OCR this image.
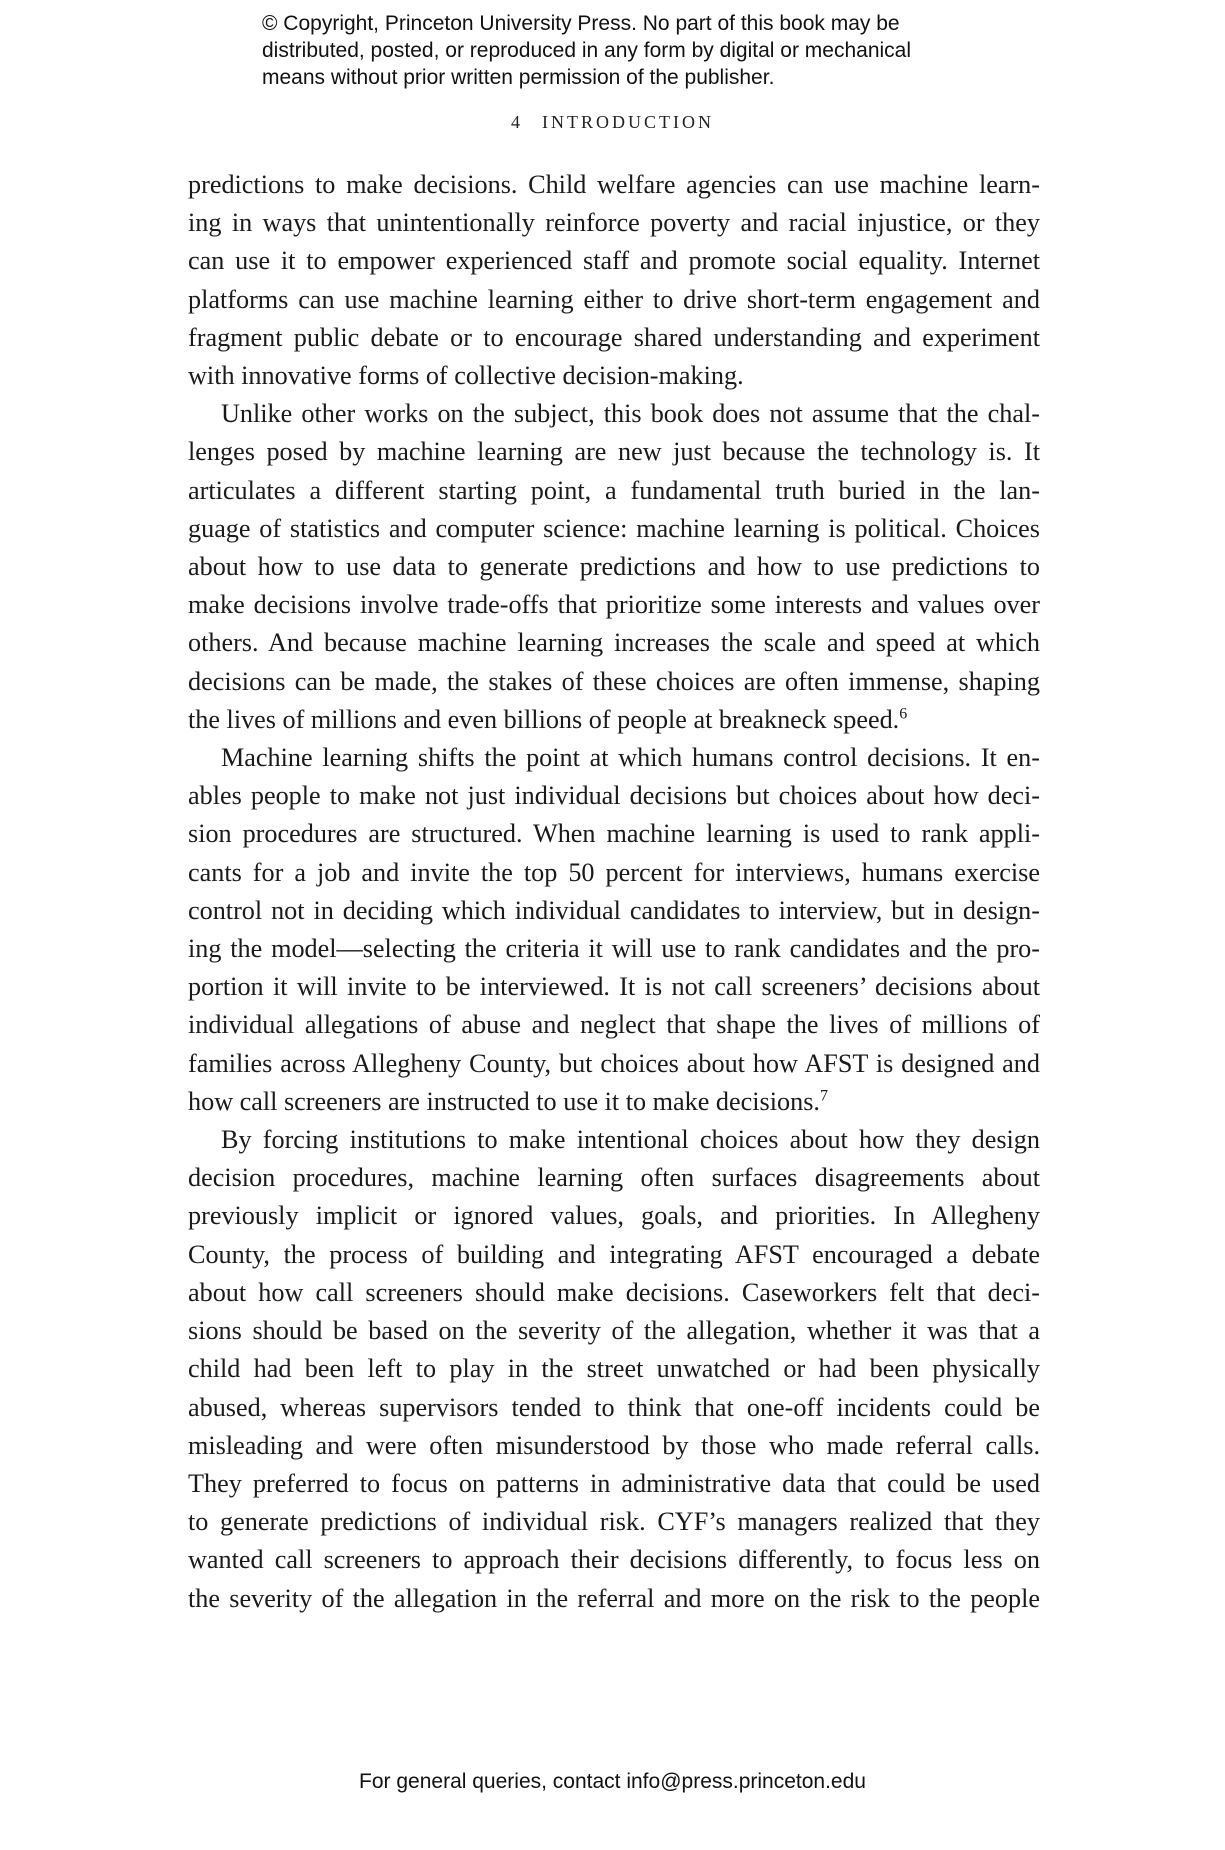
© Copyright, Princeton University Press. No part of this book may be
distributed, posted, or reproduced in any form by digital or mechanical
means without prior written permission of the publisher.
4 INTRODUCTION
predictions to make decisions. Child welfare agencies can use machine learn-
ing in ways that unintentionally reinforce poverty and racial injustice, or they
can use it to empower experienced staff and promote social equality. Internet
platforms can use machine learning either to drive short-term engagement and
fragment public debate or to encourage shared understanding and experiment
with innovative forms of collective decision-making.
Unlike other works on the subject, this book does not assume that the chal-
lenges posed by machine learning are new just because the technology is. It
articulates a different starting point, a fundamental truth buried in the lan-
guage of statistics and computer science: machine learning is political. Choices
about how to use data to generate predictions and how to use predictions to
make decisions involve trade-offs that prioritize some interests and values over
others. And because machine learning increases the scale and speed at which
decisions can be made, the stakes of these choices are often immense, shaping
the lives of millions and even billions of people at breakneck speed.$^6$
Machine learning shifts the point at which humans control decisions. It en-
ables people to make not just individual decisions but choices about how deci-
sion procedures are structured. When machine learning is used to rank appli-
cants for a job and invite the top 50 percent for interviews, humans exercise
control not in deciding which individual candidates to interview, but in design-
ing the model—selecting the criteria it will use to rank candidates and the pro-
portion it will invite to be interviewed. It is not call screeners’ decisions about
individual allegations of abuse and neglect that shape the lives of millions of
families across Allegheny County, but choices about how AFST is designed and
how call screeners are instructed to use it to make decisions.$^7$
By forcing institutions to make intentional choices about how they design
decision procedures, machine learning often surfaces disagreements about
previously implicit or ignored values, goals, and priorities. In Allegheny
County, the process of building and integrating AFST encouraged a debate
about how call screeners should make decisions. Caseworkers felt that deci-
sions should be based on the severity of the allegation, whether it was that a
child had been left to play in the street unwatched or had been physically
abused, whereas supervisors tended to think that one-off incidents could be
misleading and were often misunderstood by those who made referral calls.
They preferred to focus on patterns in administrative data that could be used
to generate predictions of individual risk. CYF’s managers realized that they
wanted call screeners to approach their decisions differently, to focus less on
the severity of the allegation in the referral and more on the risk to the people
For general queries, contact info@press.princeton.edu
